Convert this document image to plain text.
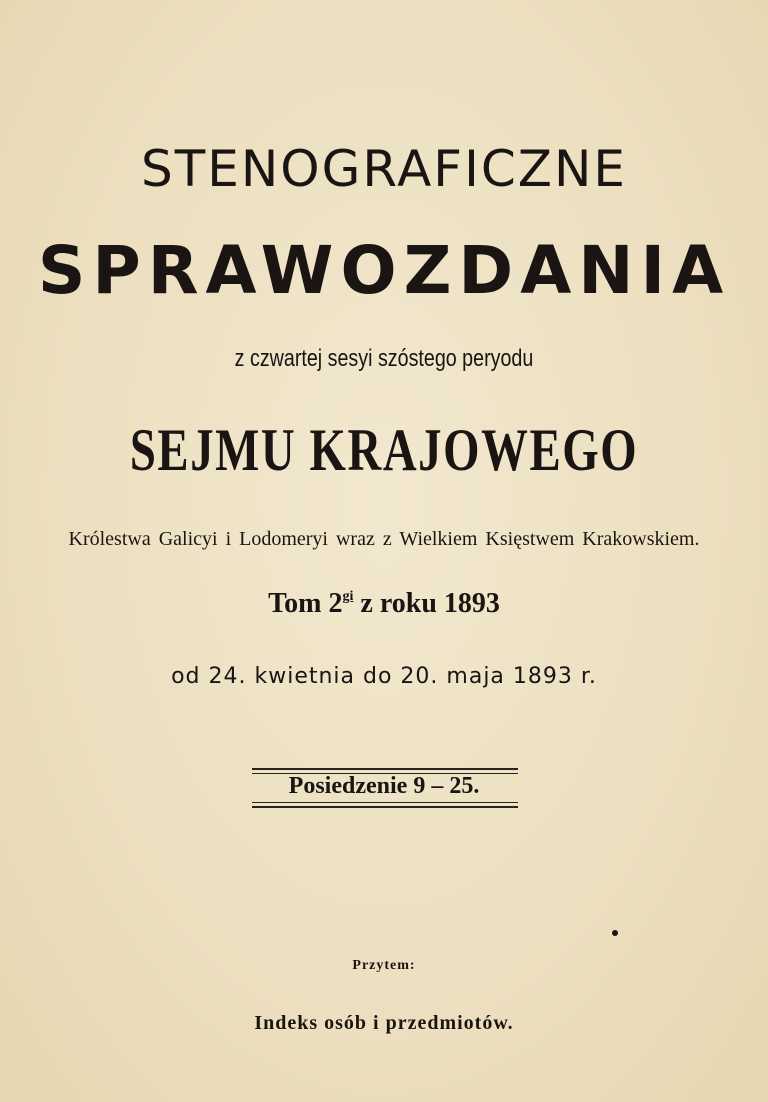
STENOGRAFICZNE
SPRAWOZDANIA
z czwartej sesyi szóstego peryodu
SEJMU KRAJOWEGO
Królestwa Galicyi i Lodomeryi wraz z Wielkiem Księstwem Krakowskiem.
Tom $2^{gi}$ z roku 1893
od 24. kwietnia do 20. maja 1893 r.
Posiedzenie 9 – 25.
Przytem:
Indeks osób i przedmiotów.
